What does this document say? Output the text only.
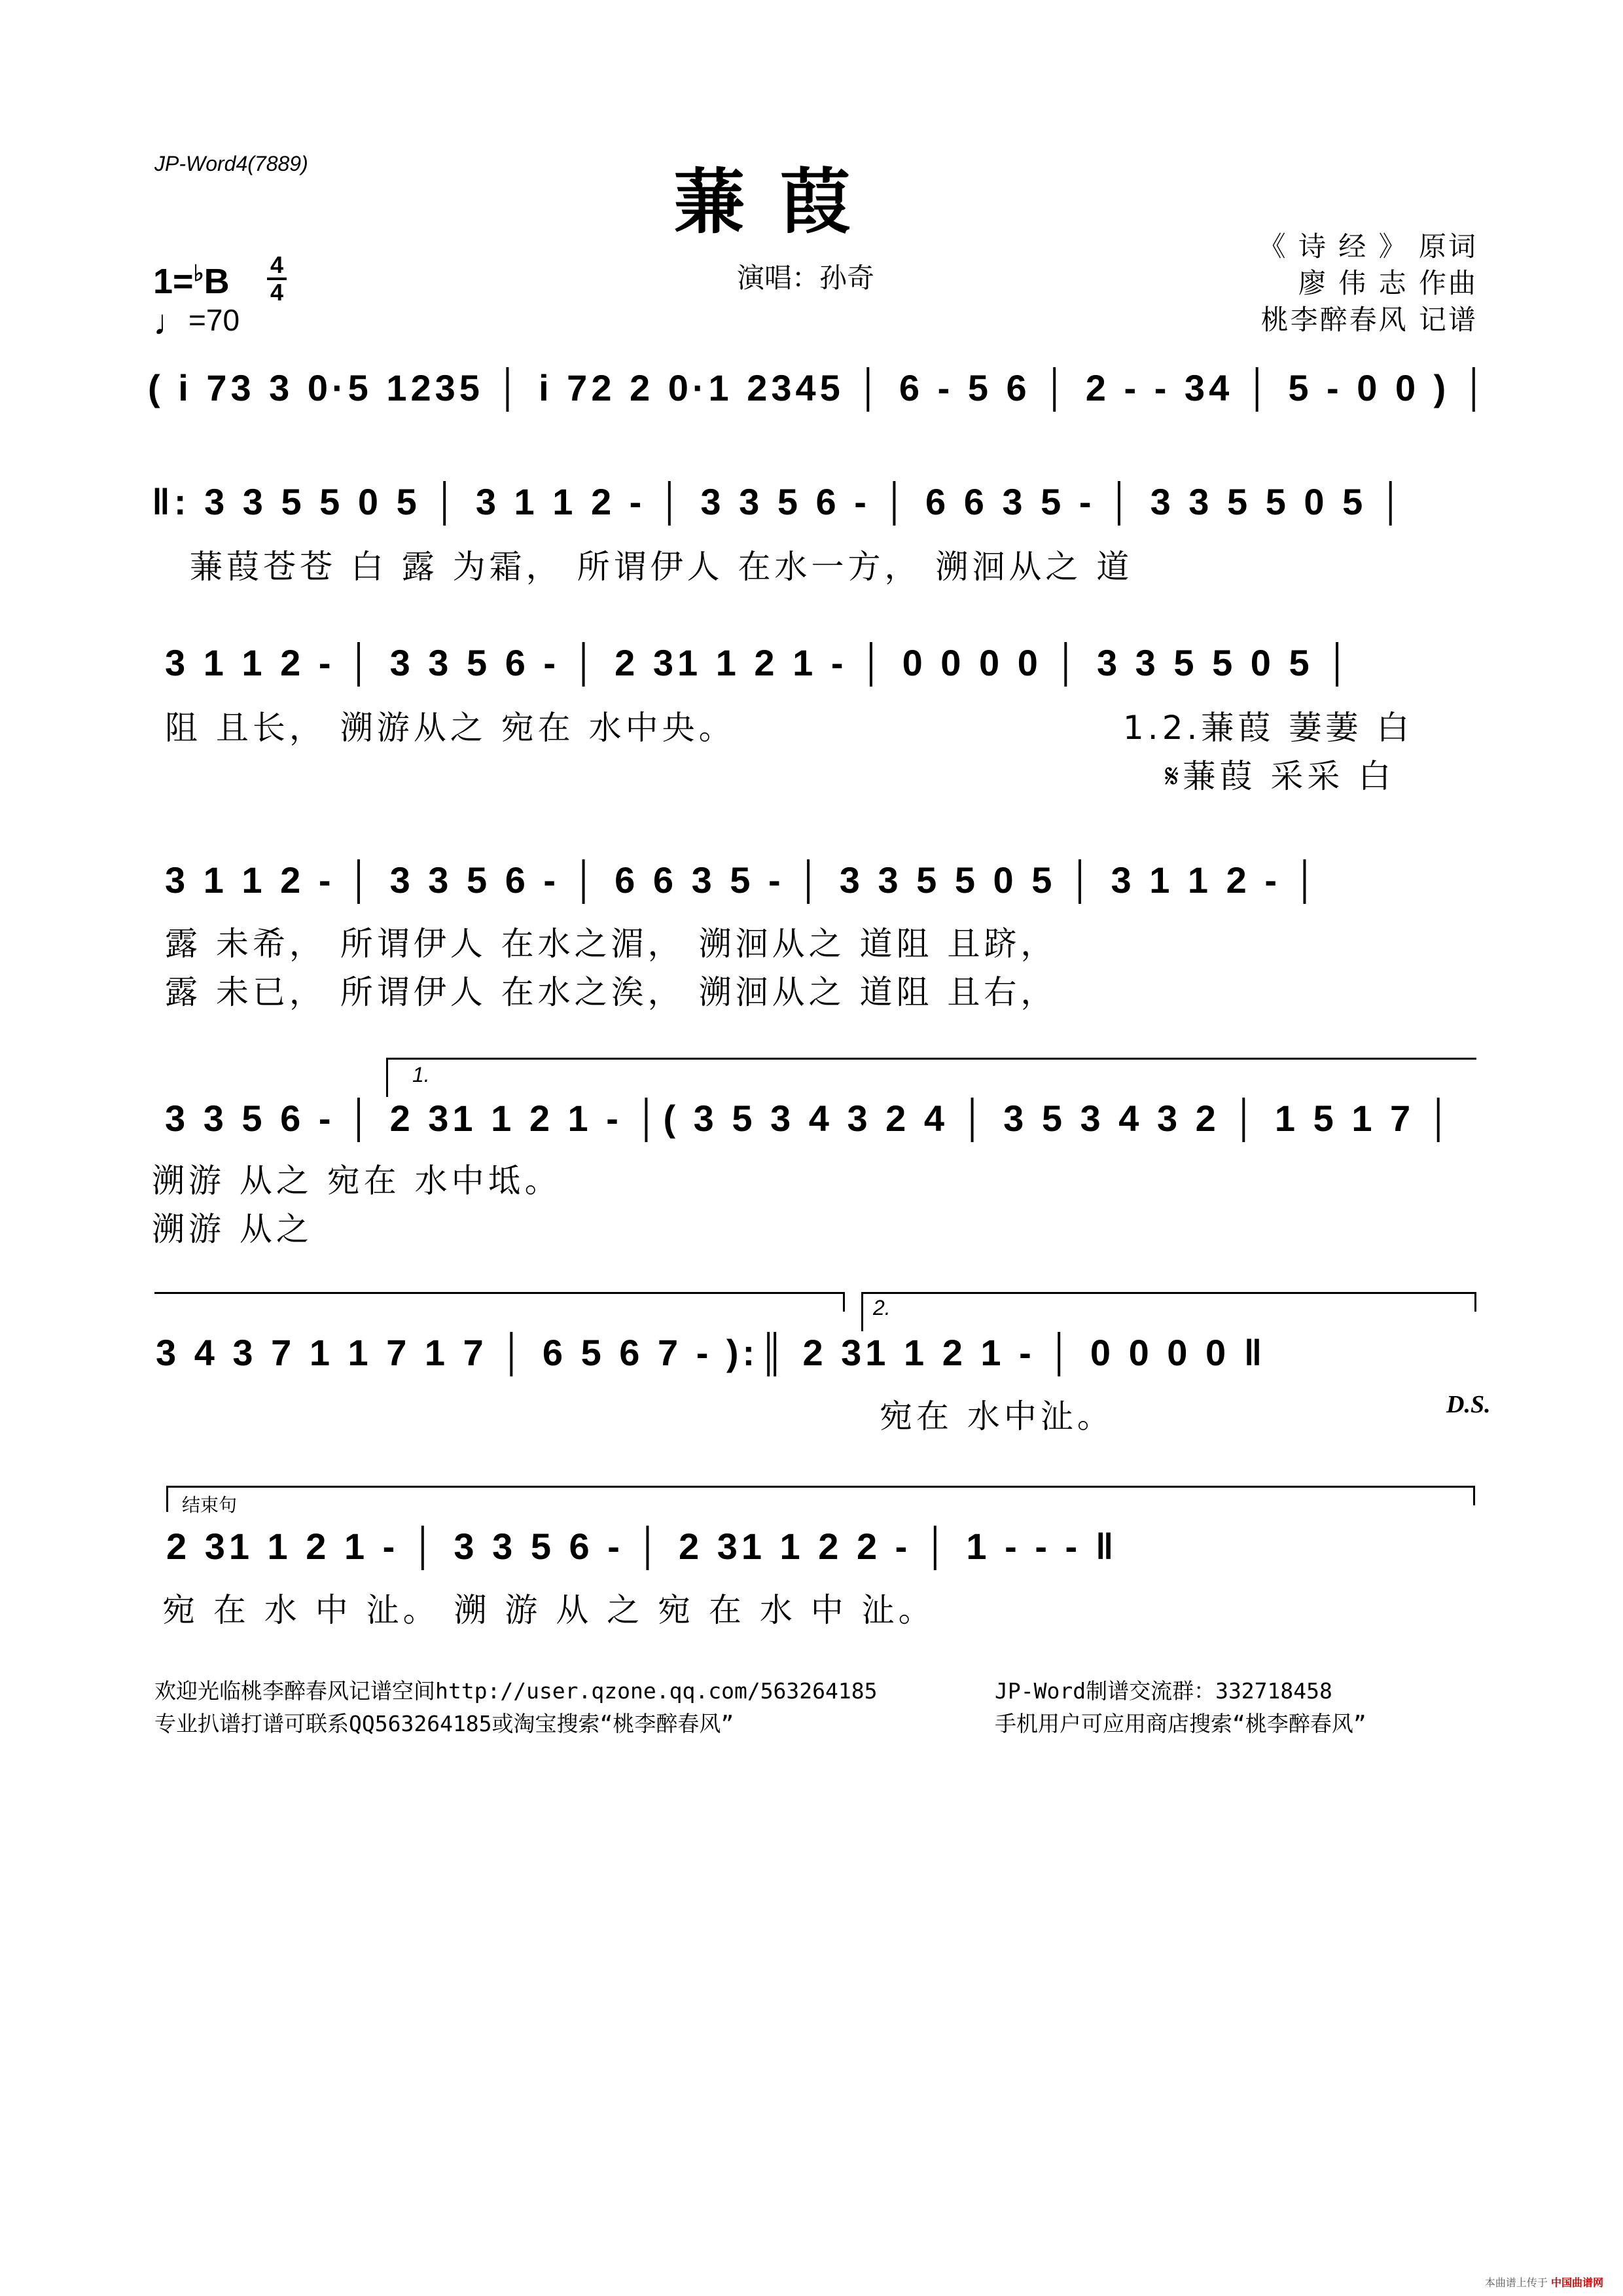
JP-Word4(7889)	蒹 葭
演唱：孙奇
《 诗 经 》 原词
廖 伟 志 作曲
桃李醉春风 记谱
1=♭B 4
4
♩=70
( i 73 3 0·5 1235 │ i 72 2 0·1 2345 │ 6 - 5 6 │ 2 - - 34 │ 5 - 0 0 ) │
‖: 3 3 5 5 0 5 │ 3 1 1 2 - │ 3 3 5 6 - │ 6 6 3 5 - │ 3 3 5 5 0 5 │
蒹葭苍苍 白 露 为霜， 所谓伊人 在水一方， 溯洄从之 道
3 1 1 2 - │ 3 3 5 6 - │ 2 31 1 2 1 - │ 0 0 0 0 │ 3 3 5 5 0 5 │
阻 且长， 溯游从之 宛在 水中央。	1.2.蒹葭 萋萋 白
𝄋蒹葭 采采 白
3 1 1 2 - │ 3 3 5 6 - │ 6 6 3 5 - │ 3 3 5 5 0 5 │ 3 1 1 2 - │
露 未希， 所谓伊人 在水之湄， 溯洄从之 道阻 且跻，
露 未已， 所谓伊人 在水之涘， 溯洄从之 道阻 且右，
1.
3 3 5 6 - │ 2 31 1 2 1 - │( 3 5 3 4 3 2 4 │ 3 5 3 4 3 2 │ 1 5 1 7 │
溯游 从之 宛在 水中坻。
溯游 从之
2.
3 4 3 7 1 1 7 1 7 │ 6 5 6 7 - ):║ 2 31 1 2 1 - │ 0 0 0 0 ‖
宛在 水中沚。	D.S.
结束句
2 31 1 2 1 - │ 3 3 5 6 - │ 2 31 1 2 2 - │ 1 - - - ‖
宛 在 水 中 沚。 溯 游 从 之 宛 在 水 中 沚。
欢迎光临桃李醉春风记谱空间http://user.qzone.qq.com/563264185	JP-Word制谱交流群：332718458
专业扒谱打谱可联系QQ563264185或淘宝搜索“桃李醉春风”	手机用户可应用商店搜索“桃李醉春风”
本曲谱上传于 中国曲谱网
